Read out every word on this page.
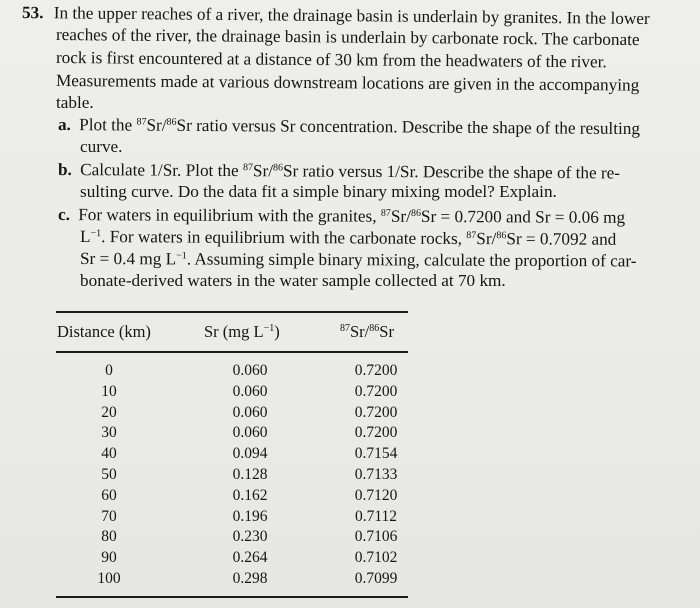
53. In the upper reaches of a river, the drainage basin is underlain by granites. In the lower
reaches of the river, the drainage basin is underlain by carbonate rock. The carbonate
rock is first encountered at a distance of 30 km from the headwaters of the river.
Measurements made at various downstream locations are given in the accompanying
table.
a. Plot the $^{87}$Sr/$^{86}$Sr ratio versus Sr concentration. Describe the shape of the resulting
curve.
b. Calculate 1/Sr. Plot the $^{87}$Sr/$^{86}$Sr ratio versus 1/Sr. Describe the shape of the re-
sulting curve. Do the data fit a simple binary mixing model? Explain.
c. For waters in equilibrium with the granites, $^{87}$Sr/$^{86}$Sr = 0.7200 and Sr = 0.06 mg
$L^{-1}$. For waters in equilibrium with the carbonate rocks, $^{87}$Sr/$^{86}$Sr = 0.7092 and
Sr = 0.4 mg $L^{-1}$. Assuming simple binary mixing, calculate the proportion of car-
bonate-derived waters in the water sample collected at 70 km.
Distance (km)	Sr (mg $L^{-1}$)	$^{87}$Sr/$^{86}$Sr
0
10
20
30
40
50
60
70
80
90
100
0.060
0.060
0.060
0.060
0.094
0.128
0.162
0.196
0.230
0.264
0.298
0.7200
0.7200
0.7200
0.7200
0.7154
0.7133
0.7120
0.7112
0.7106
0.7102
0.7099
